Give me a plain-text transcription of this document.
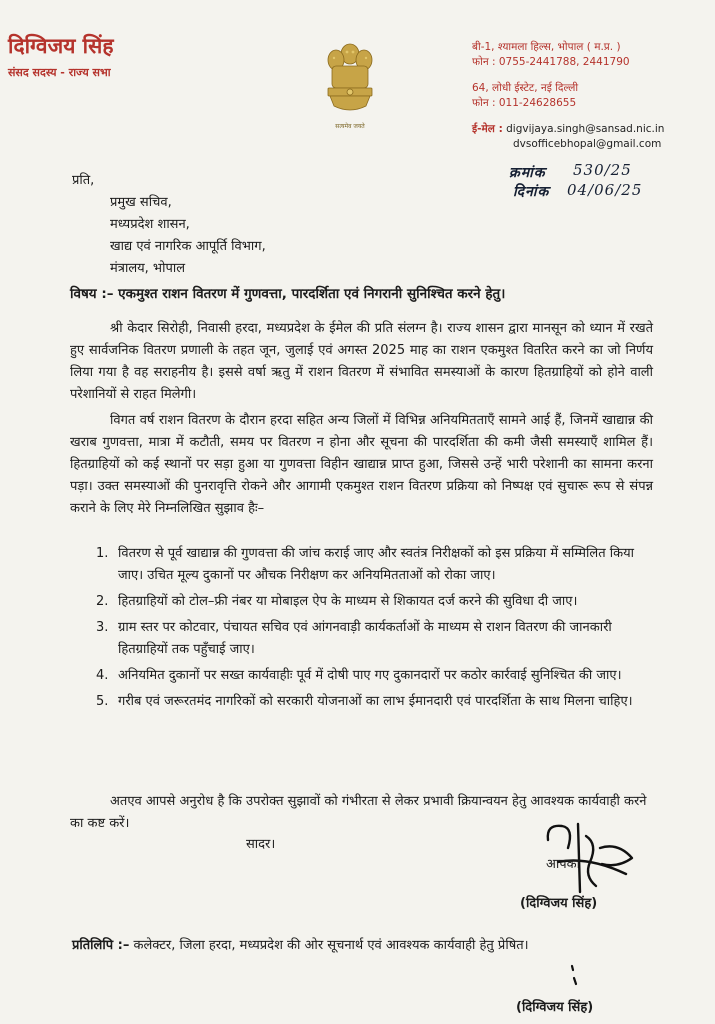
दिग्विजय सिंह
संसद सदस्य - राज्य सभा
सत्यमेव जयते
बी-1, श्यामला हिल्स, भोपाल ( म.प्र. )
फोन : 0755-2441788, 2441790
64, लोधी ईस्टेट, नई दिल्ली
फोन : 011-24628655
ई-मेल : digvijaya.singh@sansad.nic.in
dvsofficebhopal@gmail.com
क्रमांक 530/25
दिनांक 04/06/25
प्रति,
प्रमुख सचिव,
मध्यप्रदेश शासन,
खाद्य एवं नागरिक आपूर्ति विभाग,
मंत्रालय, भोपाल
विषय :– एकमुश्त राशन वितरण में गुणवत्ता, पारदर्शिता एवं निगरानी सुनिश्चित करने हेतु।

श्री केदार सिरोही, निवासी हरदा, मध्यप्रदेश के ईमेल की प्रति संलग्न है। राज्य शासन द्वारा मानसून को ध्यान में रखते हुए सार्वजनिक वितरण प्रणाली के तहत जून, जुलाई एवं अगस्त 2025 माह का राशन एकमुश्त वितरित करने का जो निर्णय लिया गया है वह सराहनीय है। इससे वर्षा ऋतु में राशन वितरण में संभावित समस्याओं के कारण हितग्राहियों को होने वाली परेशानियों से राहत मिलेगी।

विगत वर्ष राशन वितरण के दौरान हरदा सहित अन्य जिलों में विभिन्न अनियमितताएँ सामने आई हैं, जिनमें खाद्यान्न की खराब गुणवत्ता, मात्रा में कटौती, समय पर वितरण न होना और सूचना की पारदर्शिता की कमी जैसी समस्याएँ शामिल हैं। हितग्राहियों को कई स्थानों पर सड़ा हुआ या गुणवत्ता विहीन खाद्यान्न प्राप्त हुआ, जिससे उन्हें भारी परेशानी का सामना करना पड़ा। उक्त समस्याओं की पुनरावृत्ति रोकने और आगामी एकमुश्त राशन वितरण प्रक्रिया को निष्पक्ष एवं सुचारू रूप से संपन्न कराने के लिए मेरे निम्नलिखित सुझाव हैः–

1. वितरण से पूर्व खाद्यान्न की गुणवत्ता की जांच कराई जाए और स्वतंत्र निरीक्षकों को इस प्रक्रिया में सम्मिलित किया जाए। उचित मूल्य दुकानों पर औचक निरीक्षण कर अनियमितताओं को रोका जाए।
2. हितग्राहियों को टोल–फ्री नंबर या मोबाइल ऐप के माध्यम से शिकायत दर्ज करने की सुविधा दी जाए।
3. ग्राम स्तर पर कोटवार, पंचायत सचिव एवं आंगनवाड़ी कार्यकर्ताओं के माध्यम से राशन वितरण की जानकारी हितग्राहियों तक पहुँचाई जाए।
4. अनियमित दुकानों पर सख्त कार्यवाहीः पूर्व में दोषी पाए गए दुकानदारों पर कठोर कार्रवाई सुनिश्चित की जाए।
5. गरीब एवं जरूरतमंद नागरिकों को सरकारी योजनाओं का लाभ ईमानदारी एवं पारदर्शिता के साथ मिलना चाहिए।

अतएव आपसे अनुरोध है कि उपरोक्त सुझावों को गंभीरता से लेकर प्रभावी क्रियान्वयन हेतु आवश्यक कार्यवाही करने का कष्ट करें।

सादर।
आपका
(दिग्विजय सिंह)
प्रतिलिपि :– कलेक्टर, जिला हरदा, मध्यप्रदेश की ओर सूचनार्थ एवं आवश्यक कार्यवाही हेतु प्रेषित।
(दिग्विजय सिंह)
